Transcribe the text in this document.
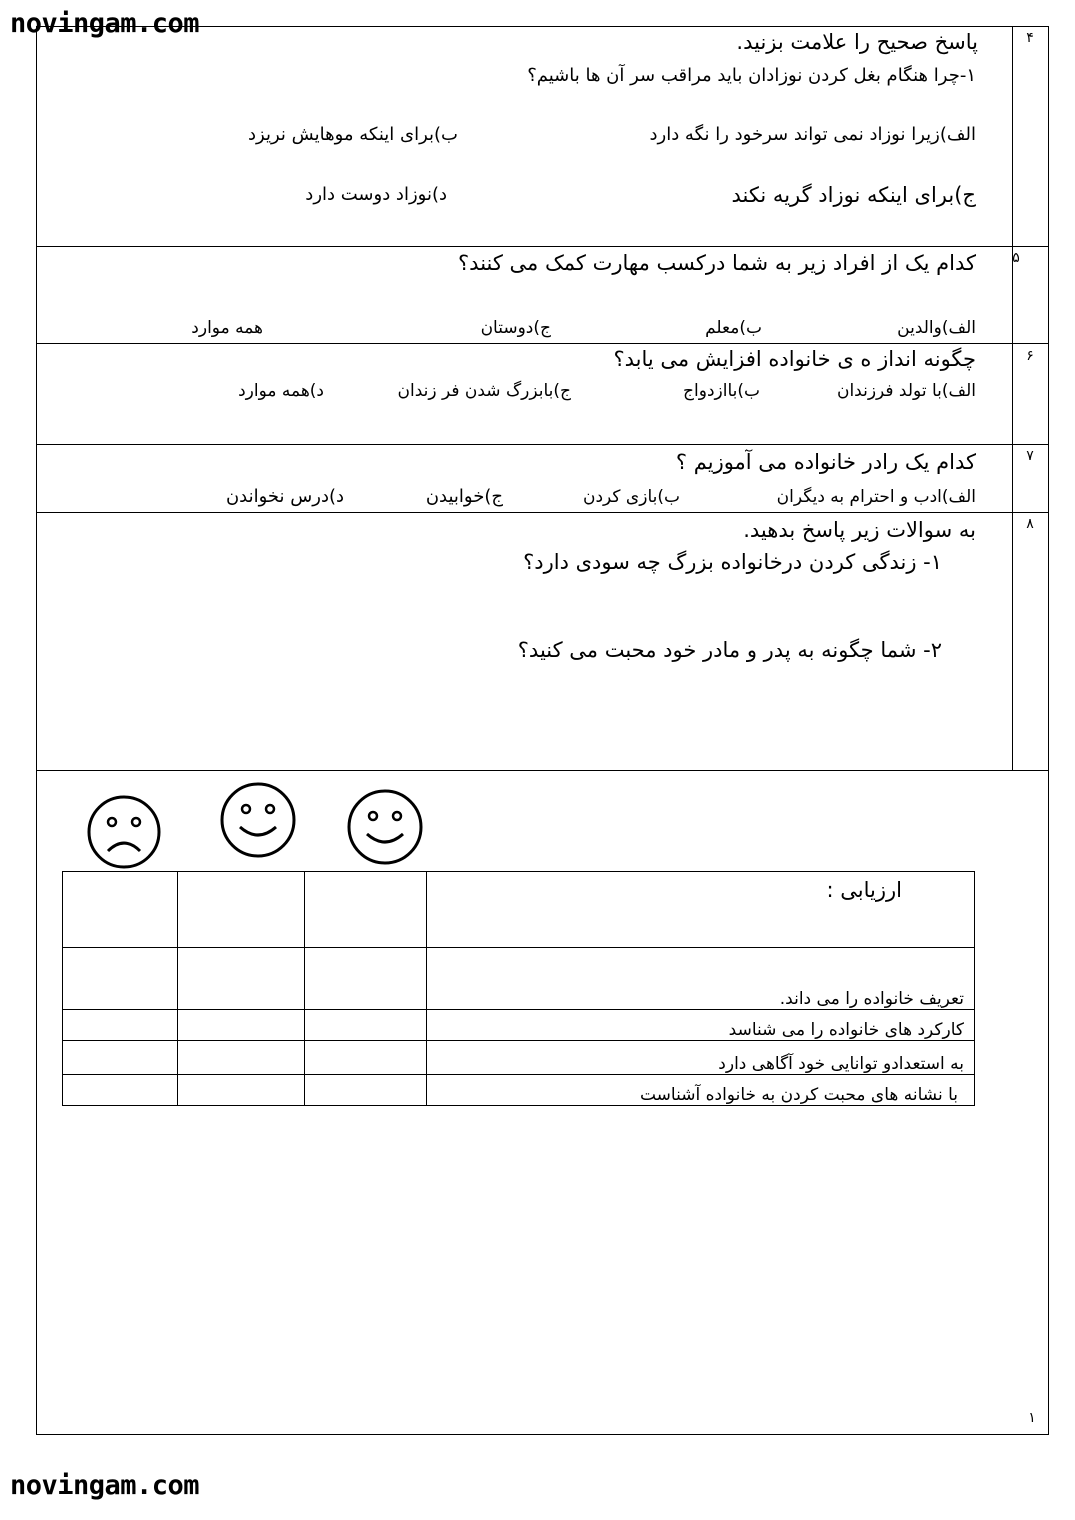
novingam.com
novingam.com
۴
پاسخ صحیح را علامت بزنید.
۱-چرا هنگام بغل کردن نوزادان باید مراقب سر آن ها باشیم؟
الف)زیرا نوزاد نمی تواند سرخود را نگه دارد
ب)برای اینکه موهایش نریزد
ج)برای اینکه نوزاد گریه نکند
د)نوزاد دوست دارد
۵
کدام یک از افراد زیر به شما درکسب مهارت کمک می کنند؟
الف)والدین
ب)معلم
ج)دوستان
همه موارد
۶
چگونه انداز ه ی خانواده افزایش می یابد؟
الف)با تولد فرزندان
ب)باازدواج
ج)بابزرگ شدن فر زندان
د)همه موارد
۷
کدام یک رادر خانواده می آموزیم ؟
الف)ادب و احترام به دیگران
ب)بازی کردن
ج)خوابیدن
د)درس نخواندن
۸
به سوالات زیر پاسخ بدهید.
۱- زندگی کردن درخانواده بزرگ چه سودی دارد؟
۲- شما چگونه به پدر و مادر خود محبت می کنید؟
			ارزیابی :
			تعریف خانواده را می داند.
			کارکرد های خانواده را می شناسد
			به استعدادو توانایی خود آگاهی دارد
			با نشانه های محبت کردن به خانواده آشناست
۱
